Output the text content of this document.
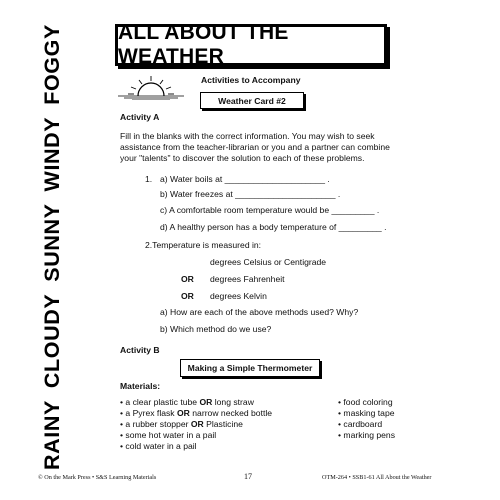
ALL ABOUT THE WEATHER
RAINY
CLOUDY
SUNNY
WINDY
FOGGY	Activities to Accompany
Weather Card #2
Activity A
Fill in the blanks with the correct information. You may wish to seek
assistance from the teacher-librarian or you and a partner can combine
your "talents" to discover the solution to each of these problems.
1. a) Water boils at _____________________ .
b) Water freezes at _____________________ .
c) A comfortable room temperature would be _________ .
d) A healthy person has a body temperature of _________ .
2.Temperature is measured in:
degrees Celsius or Centigrade
OR degrees Fahrenheit
OR degrees Kelvin
a) How are each of the above methods used? Why?
b) Which method do we use?
Activity B
Making a Simple Thermometer
Materials:
• a clear plastic tube OR long straw
• a Pyrex flask OR narrow necked bottle
• a rubber stopper OR Plasticine
• some hot water in a pail
• cold water in a pail
• food coloring
• masking tape
• cardboard
• marking pens
© On the Mark Press • S&S Learning Materials	17	OTM-264 • SSB1-61 All About the Weather
